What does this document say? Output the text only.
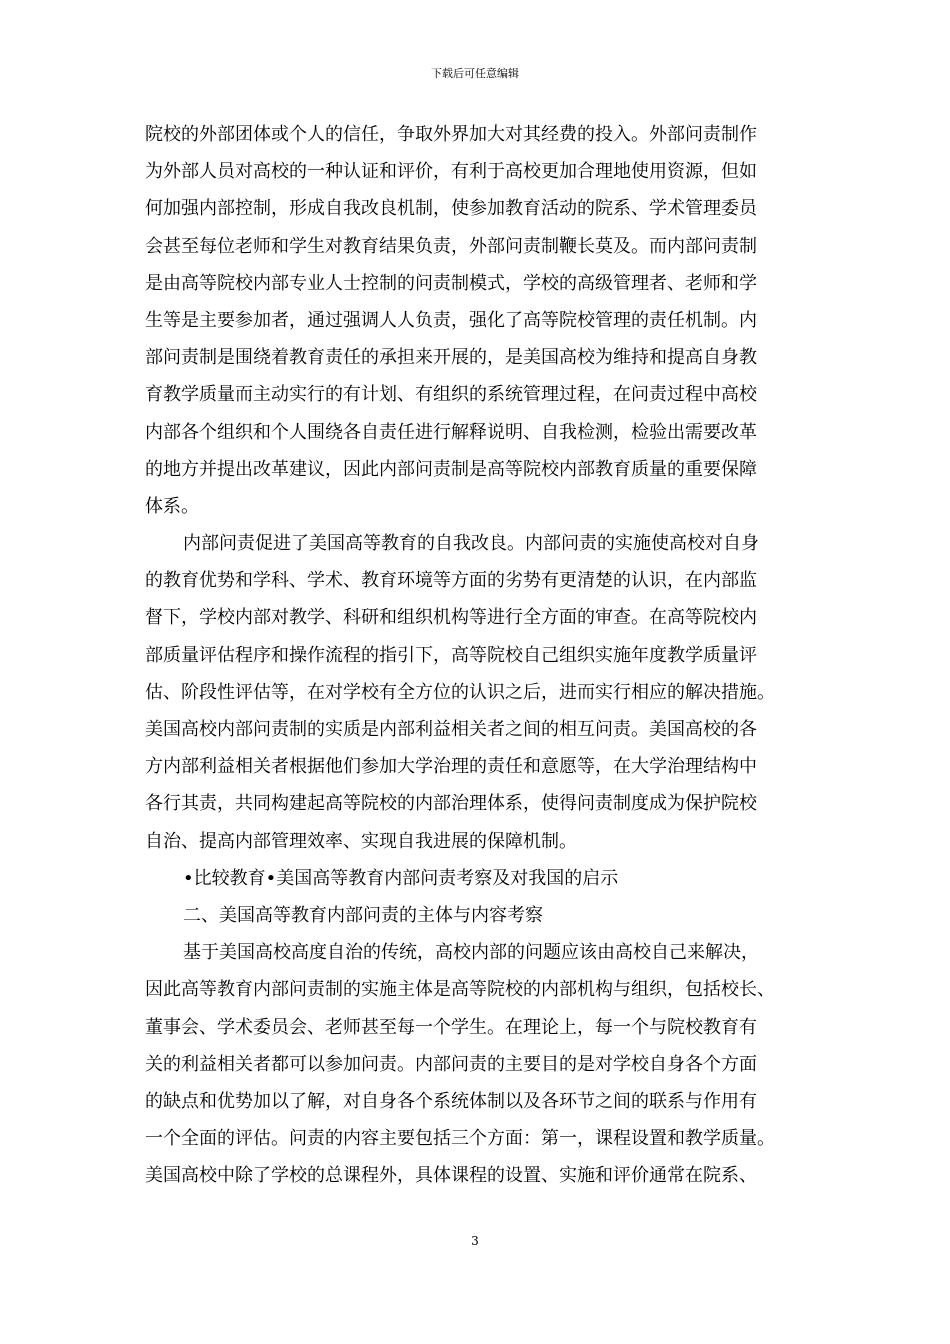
下载后可任意编辑
院校的外部团体或个人的信任，争取外界加大对其经费的投入。外部问责制作
为外部人员对高校的一种认证和评价，有利于高校更加合理地使用资源，但如
何加强内部控制，形成自我改良机制，使参加教育活动的院系、学术管理委员
会甚至每位老师和学生对教育结果负责，外部问责制鞭长莫及。而内部问责制
是由高等院校内部专业人士控制的问责制模式，学校的高级管理者、老师和学
生等是主要参加者，通过强调人人负责，强化了高等院校管理的责任机制。内
部问责制是围绕着教育责任的承担来开展的，是美国高校为维持和提高自身教
育教学质量而主动实行的有计划、有组织的系统管理过程，在问责过程中高校
内部各个组织和个人围绕各自责任进行解释说明、自我检测，检验出需要改革
的地方并提出改革建议，因此内部问责制是高等院校内部教育质量的重要保障
体系。
内部问责促进了美国高等教育的自我改良。内部问责的实施使高校对自身
的教育优势和学科、学术、教育环境等方面的劣势有更清楚的认识，在内部监
督下，学校内部对教学、科研和组织机构等进行全方面的审查。在高等院校内
部质量评估程序和操作流程的指引下，高等院校自己组织实施年度教学质量评
估、阶段性评估等，在对学校有全方位的认识之后，进而实行相应的解决措施。
美国高校内部问责制的实质是内部利益相关者之间的相互问责。美国高校的各
方内部利益相关者根据他们参加大学治理的责任和意愿等，在大学治理结构中
各行其责，共同构建起高等院校的内部治理体系，使得问责制度成为保护院校
自治、提高内部管理效率、实现自我进展的保障机制。
•比较教育•美国高等教育内部问责考察及对我国的启示
二、美国高等教育内部问责的主体与内容考察
基于美国高校高度自治的传统，高校内部的问题应该由高校自己来解决，
因此高等教育内部问责制的实施主体是高等院校的内部机构与组织，包括校长、
董事会、学术委员会、老师甚至每一个学生。在理论上，每一个与院校教育有
关的利益相关者都可以参加问责。内部问责的主要目的是对学校自身各个方面
的缺点和优势加以了解，对自身各个系统体制以及各环节之间的联系与作用有
一个全面的评估。问责的内容主要包括三个方面：第一，课程设置和教学质量。
美国高校中除了学校的总课程外，具体课程的设置、实施和评价通常在院系、
3
